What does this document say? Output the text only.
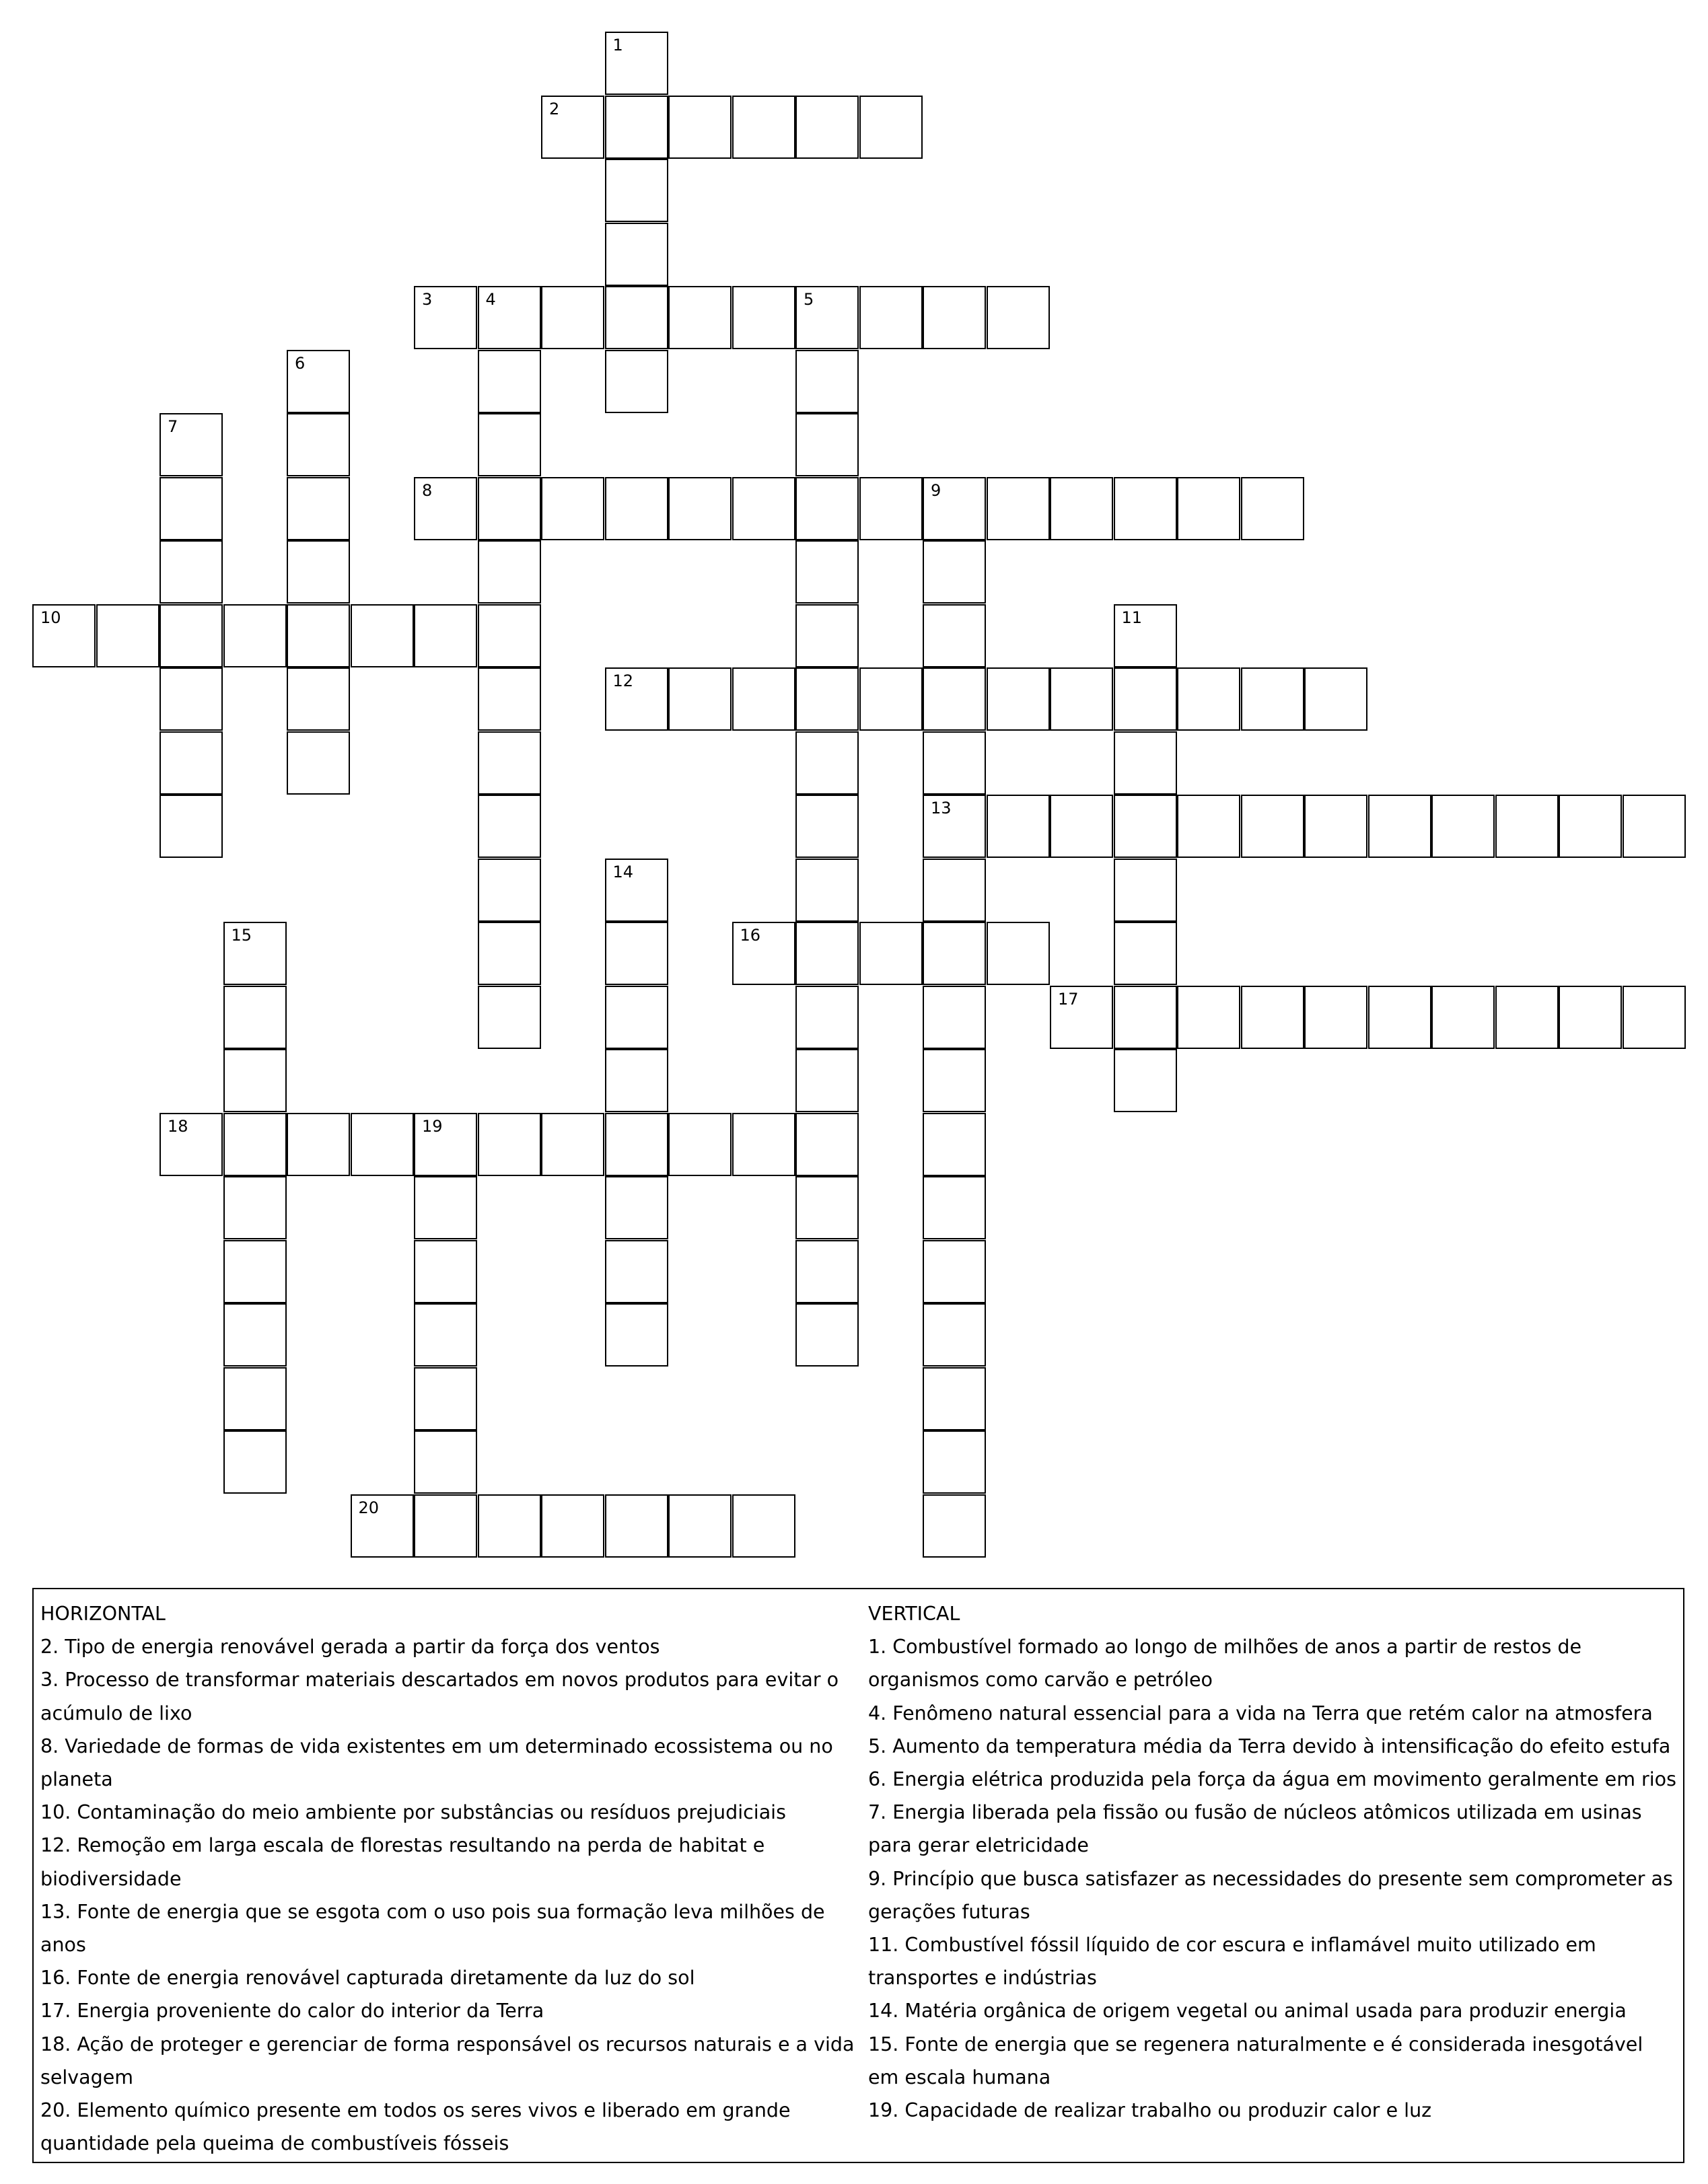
1
2
3	4	5
6
7
8	9
13
10	11
12
14
15	16
17
18	19
20

HORIZONTAL

2. Tipo de energia renovável gerada a partir da força dos ventos

3. Processo de transformar materiais descartados em novos produtos para evitar o acúmulo de lixo

8. Variedade de formas de vida existentes em um determinado ecossistema ou no planeta

10. Contaminação do meio ambiente por substâncias ou resíduos prejudiciais

12. Remoção em larga escala de florestas resultando na perda de habitat e biodiversidade

13. Fonte de energia que se esgota com o uso pois sua formação leva milhões de anos

16. Fonte de energia renovável capturada diretamente da luz do sol

17. Energia proveniente do calor do interior da Terra

18. Ação de proteger e gerenciar de forma responsável os recursos naturais e a vida selvagem

20. Elemento químico presente em todos os seres vivos e liberado em grande quantidade pela queima de combustíveis fósseis

VERTICAL

1. Combustível formado ao longo de milhões de anos a partir de restos de organismos como carvão e petróleo

4. Fenômeno natural essencial para a vida na Terra que retém calor na atmosfera

5. Aumento da temperatura média da Terra devido à intensificação do efeito estufa

6. Energia elétrica produzida pela força da água em movimento geralmente em rios

7. Energia liberada pela fissão ou fusão de núcleos atômicos utilizada em usinas para gerar eletricidade

9. Princípio que busca satisfazer as necessidades do presente sem comprometer as gerações futuras

11. Combustível fóssil líquido de cor escura e inflamável muito utilizado em transportes e indústrias

14. Matéria orgânica de origem vegetal ou animal usada para produzir energia

15. Fonte de energia que se regenera naturalmente e é considerada inesgotável em escala humana

19. Capacidade de realizar trabalho ou produzir calor e luz
